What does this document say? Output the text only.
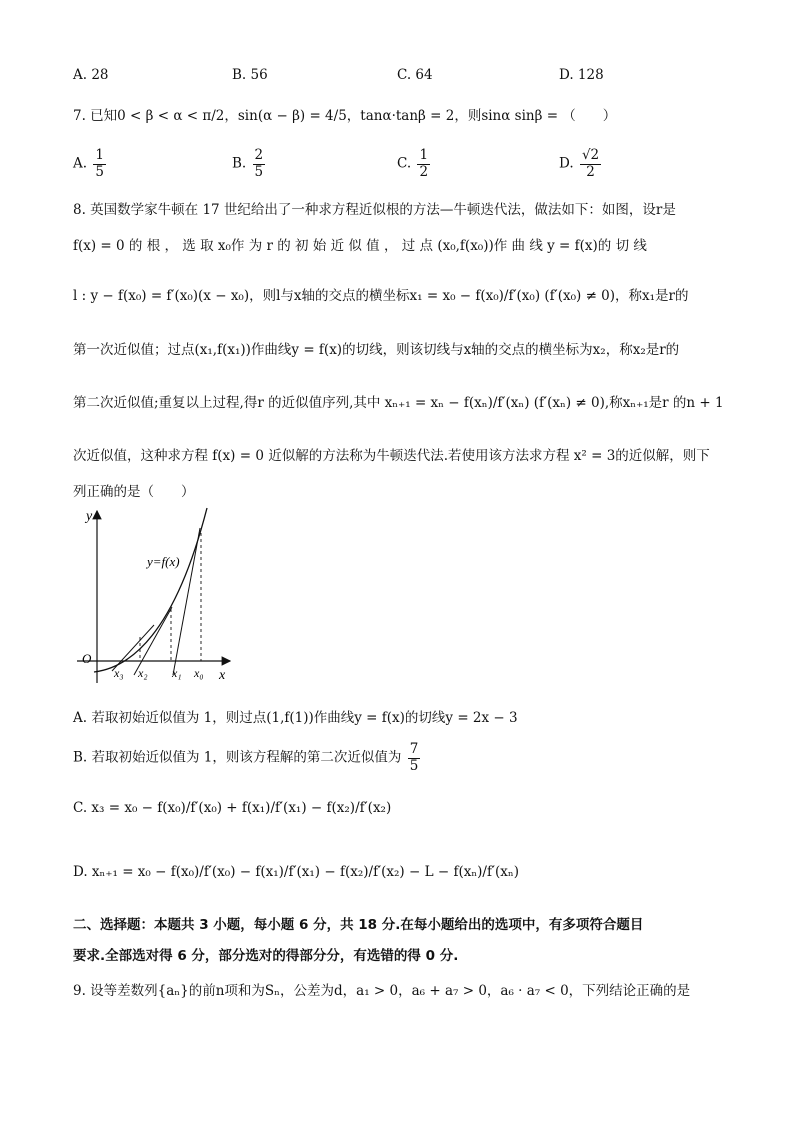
A. 28	B. 56	C. 64	D. 128
7. 已知0 < β < α < π/2，sin(α − β) = 4/5，tanα·tanβ = 2，则sinα sinβ = （　　）
A. $\frac{1}{5}$	B. $\frac{2}{5}$	C. $\frac{1}{2}$	D. $\frac{√2}{2}$
8. 英国数学家牛顿在 17 世纪给出了一种求方程近似根的方法—牛顿迭代法，做法如下：如图，设r是
f(x) = 0 的 根 ， 选 取 x₀作 为 r 的 初 始 近 似 值 ， 过 点 (x₀,f(x₀))作 曲 线 y = f(x)的 切 线
l : y − f(x₀) = f′(x₀)(x − x₀)，则l与x轴的交点的横坐标x₁ = x₀ − f(x₀)/f′(x₀) (f′(x₀) ≠ 0)，称x₁是r的
第一次近似值；过点(x₁,f(x₁))作曲线y = f(x)的切线，则该切线与x轴的交点的横坐标为x₂，称x₂是r的
第二次近似值;重复以上过程,得r 的近似值序列,其中 xₙ₊₁ = xₙ − f(xₙ)/f′(xₙ) (f′(xₙ) ≠ 0),称xₙ₊₁是r 的n + 1
次近似值，这种求方程 f(x) = 0 近似解的方法称为牛顿迭代法.若使用该方法求方程 x² = 3的近似解，则下
列正确的是（　　）
y
x
O
y=f(x)
x₃ x₂ x₁ x₀
A. 若取初始近似值为 1，则过点(1,f(1))作曲线y = f(x)的切线y = 2x − 3
B. 若取初始近似值为 1，则该方程解的第二次近似值为 $\frac{7}{5}$
C. x₃ = x₀ − f(x₀)/f′(x₀) + f(x₁)/f′(x₁) − f(x₂)/f′(x₂)
D. xₙ₊₁ = x₀ − f(x₀)/f′(x₀) − f(x₁)/f′(x₁) − f(x₂)/f′(x₂) − L − f(xₙ)/f′(xₙ)
二、选择题：本题共 3 小题，每小题 6 分，共 18 分.在每小题给出的选项中，有多项符合题目
要求.全部选对得 6 分，部分选对的得部分分，有选错的得 0 分.
9. 设等差数列{aₙ}的前n项和为Sₙ，公差为d，a₁ > 0，a₆ + a₇ > 0，a₆ · a₇ < 0，下列结论正确的是
